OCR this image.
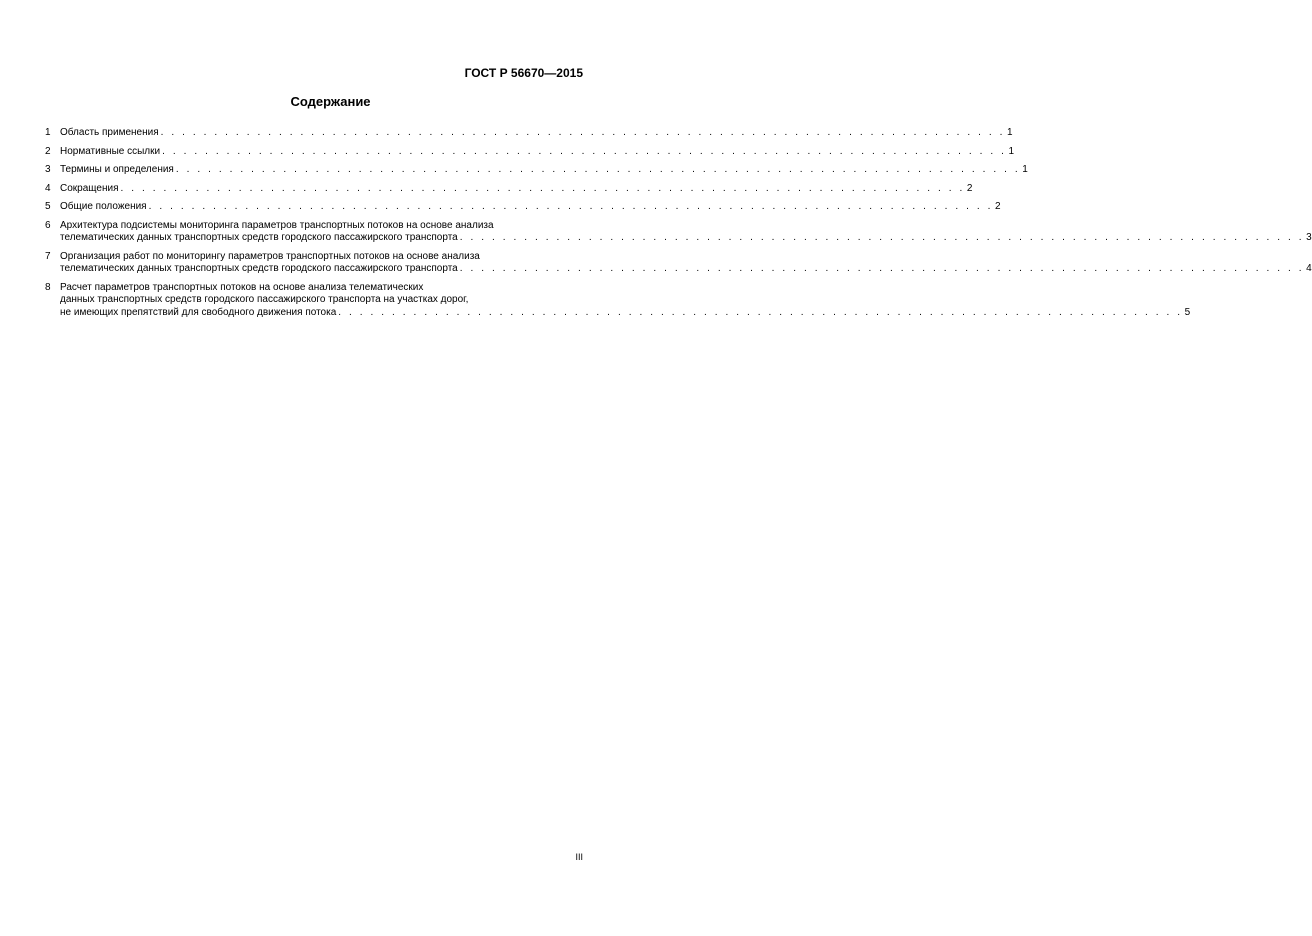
ГОСТ Р 56670—2015
Содержание
1 Область применения . . .	1
2 Нормативные ссылки . . .	1
3 Термины и определения . . .	1
4 Сокращения . . .	2
5 Общие положения . . .	2
6 Архитектура подсистемы мониторинга параметров транспортных потоков на основе анализа
телематических данных транспортных средств городского пассажирского транспорта . . .	3
7 Организация работ по мониторингу параметров транспортных потоков на основе анализа
телематических данных транспортных средств городского пассажирского транспорта . . .	4
8 Расчет параметров транспортных потоков на основе анализа телематических
данных транспортных средств городского пассажирского транспорта на участках дорог,
не имеющих препятствий для свободного движения потока . . .	5
III
